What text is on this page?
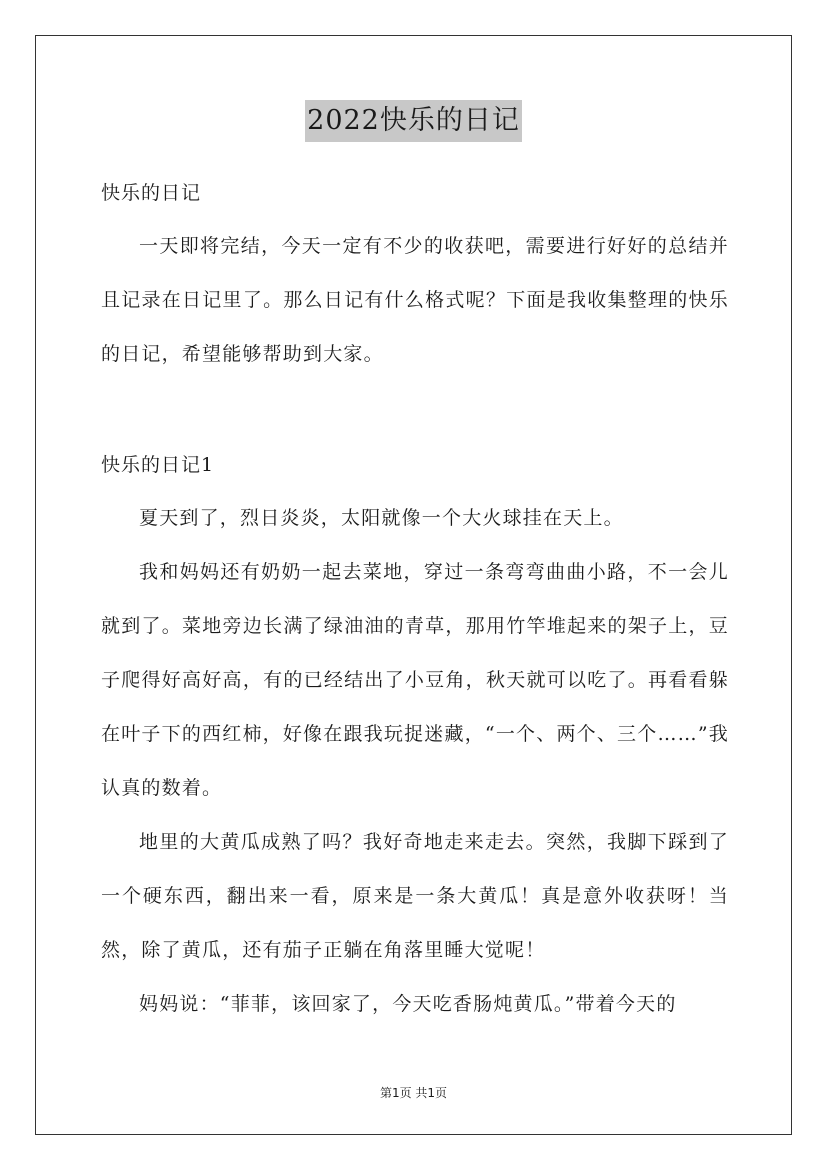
2022快乐的日记
快乐的日记

一天即将完结，今天一定有不少的收获吧，需要进行好好的总结并且记录在日记里了。那么日记有什么格式呢？下面是我收集整理的快乐的日记，希望能够帮助到大家。

快乐的日记1

夏天到了，烈日炎炎，太阳就像一个大火球挂在天上。

我和妈妈还有奶奶一起去菜地，穿过一条弯弯曲曲小路，不一会儿就到了。菜地旁边长满了绿油油的青草，那用竹竿堆起来的架子上，豆子爬得好高好高，有的已经结出了小豆角，秋天就可以吃了。再看看躲在叶子下的西红柿，好像在跟我玩捉迷藏，“一个、两个、三个……”我认真的数着。

地里的大黄瓜成熟了吗？我好奇地走来走去。突然，我脚下踩到了一个硬东西，翻出来一看，原来是一条大黄瓜！真是意外收获呀！当然，除了黄瓜，还有茄子正躺在角落里睡大觉呢！

妈妈说：“菲菲，该回家了，今天吃香肠炖黄瓜。”带着今天的

第1页 共1页
